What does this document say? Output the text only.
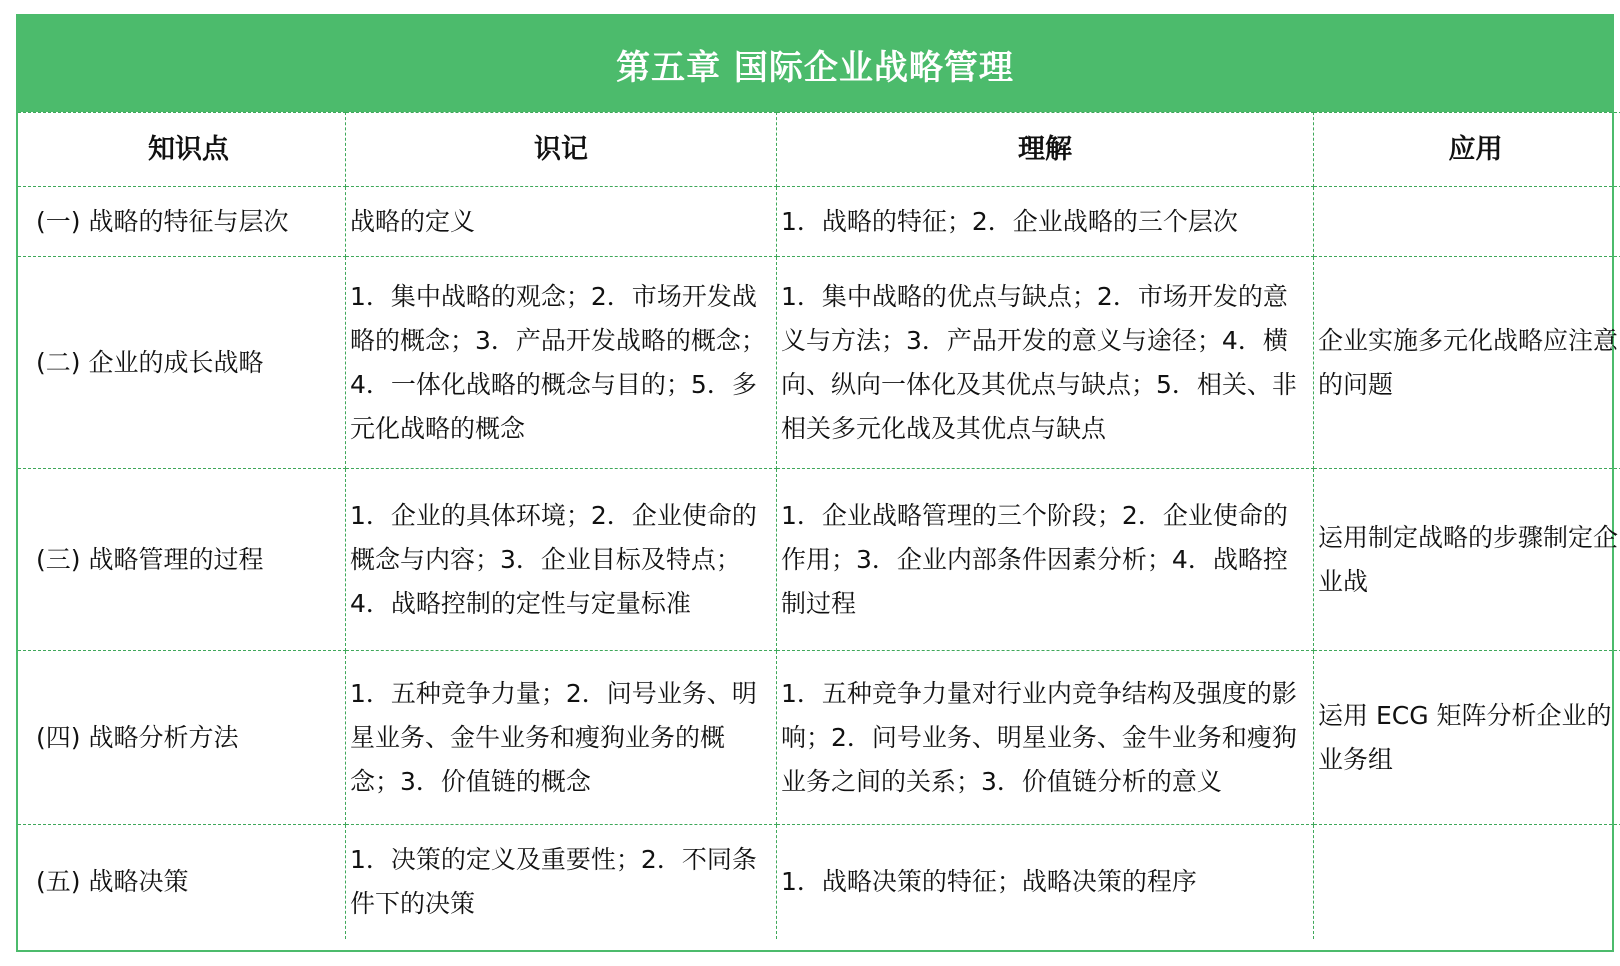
第五章 国际企业战略管理
知识点	识记	理解	应用
(一) 战略的特征与层次	战略的定义	1．战略的特征；2．企业战略的三个层次	
(二) 企业的成长战略	1．集中战略的观念；2．市场开发战略的概念；3．产品开发战略的概念；4．一体化战略的概念与目的；5．多元化战略的概念	1．集中战略的优点与缺点；2．市场开发的意义与方法；3．产品开发的意义与途径；4．横向、纵向一体化及其优点与缺点；5．相关、非相关多元化战及其优点与缺点	企业实施多元化战略应注意的问题
(三) 战略管理的过程	1．企业的具体环境；2．企业使命的概念与内容；3．企业目标及特点；4．战略控制的定性与定量标准	1．企业战略管理的三个阶段；2．企业使命的作用；3．企业内部条件因素分析；4．战略控制过程	运用制定战略的步骤制定企业战
(四) 战略分析方法	1．五种竞争力量；2．问号业务、明星业务、金牛业务和瘦狗业务的概念；3．价值链的概念	1．五种竞争力量对行业内竞争结构及强度的影响；2．问号业务、明星业务、金牛业务和瘦狗业务之间的关系；3．价值链分析的意义	运用 ECG 矩阵分析企业的业务组
(五) 战略决策	1．决策的定义及重要性；2．不同条件下的决策	1．战略决策的特征；战略决策的程序	
